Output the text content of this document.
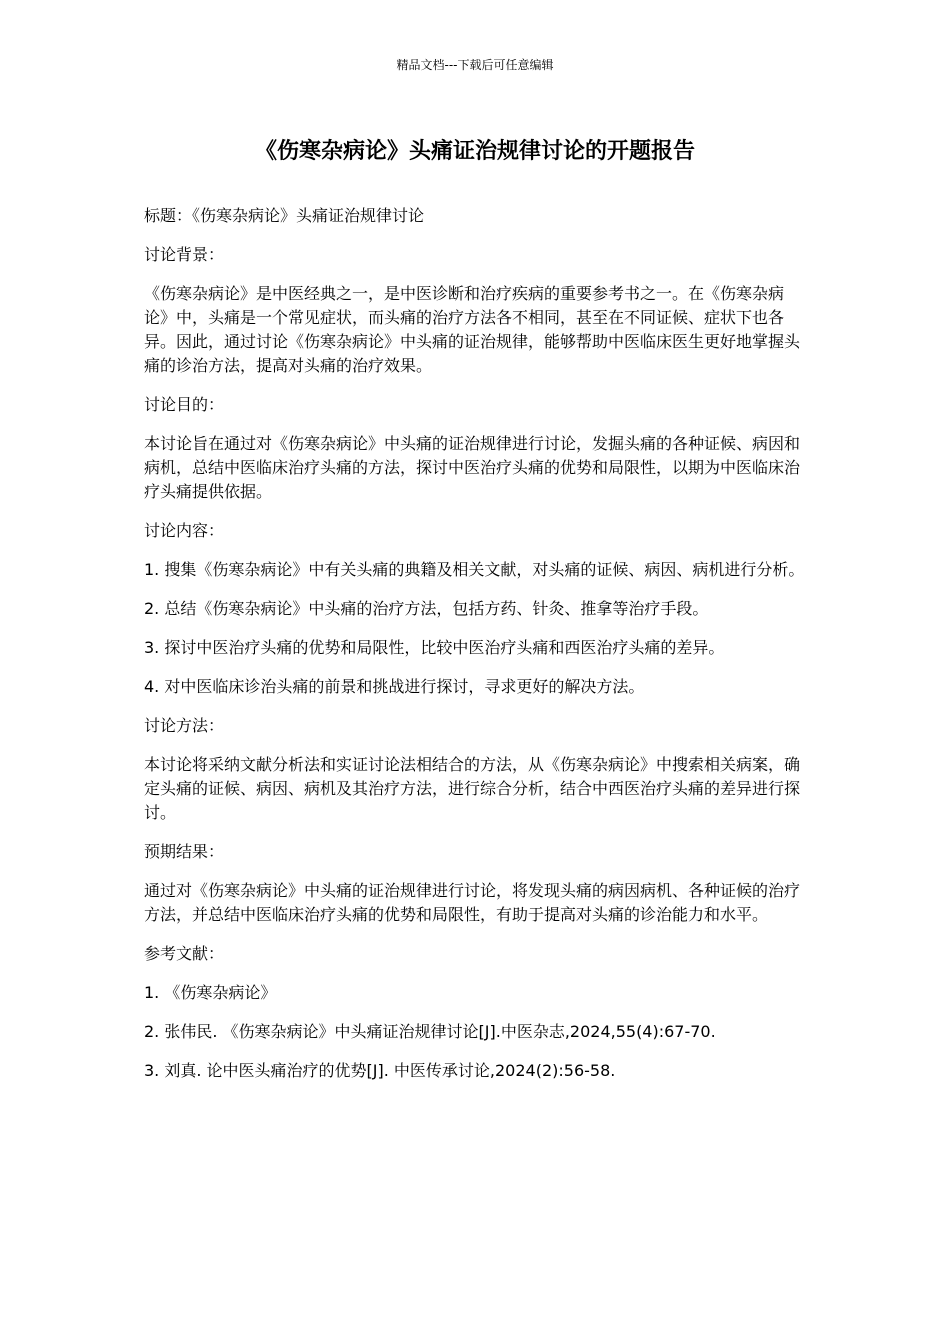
精品文档---下载后可任意编辑
《伤寒杂病论》头痛证治规律讨论的开题报告

标题：《伤寒杂病论》头痛证治规律讨论

讨论背景：

《伤寒杂病论》是中医经典之一，是中医诊断和治疗疾病的重要参考书之一。在《伤寒杂病论》中，头痛是一个常见症状，而头痛的治疗方法各不相同，甚至在不同证候、症状下也各异。因此，通过讨论《伤寒杂病论》中头痛的证治规律，能够帮助中医临床医生更好地掌握头痛的诊治方法，提高对头痛的治疗效果。

讨论目的：

本讨论旨在通过对《伤寒杂病论》中头痛的证治规律进行讨论，发掘头痛的各种证候、病因和病机，总结中医临床治疗头痛的方法，探讨中医治疗头痛的优势和局限性，以期为中医临床治疗头痛提供依据。

讨论内容：

1. 搜集《伤寒杂病论》中有关头痛的典籍及相关文献，对头痛的证候、病因、病机进行分析。

2. 总结《伤寒杂病论》中头痛的治疗方法，包括方药、针灸、推拿等治疗手段。

3. 探讨中医治疗头痛的优势和局限性，比较中医治疗头痛和西医治疗头痛的差异。

4. 对中医临床诊治头痛的前景和挑战进行探讨，寻求更好的解决方法。

讨论方法：

本讨论将采纳文献分析法和实证讨论法相结合的方法，从《伤寒杂病论》中搜索相关病案，确定头痛的证候、病因、病机及其治疗方法，进行综合分析，结合中西医治疗头痛的差异进行探讨。

预期结果：

通过对《伤寒杂病论》中头痛的证治规律进行讨论，将发现头痛的病因病机、各种证候的治疗方法，并总结中医临床治疗头痛的优势和局限性，有助于提高对头痛的诊治能力和水平。

参考文献：

1. 《伤寒杂病论》

2. 张伟民. 《伤寒杂病论》中头痛证治规律讨论[J].中医杂志,2024,55(4):67-70.

3. 刘真. 论中医头痛治疗的优势[J]. 中医传承讨论,2024(2):56-58.
